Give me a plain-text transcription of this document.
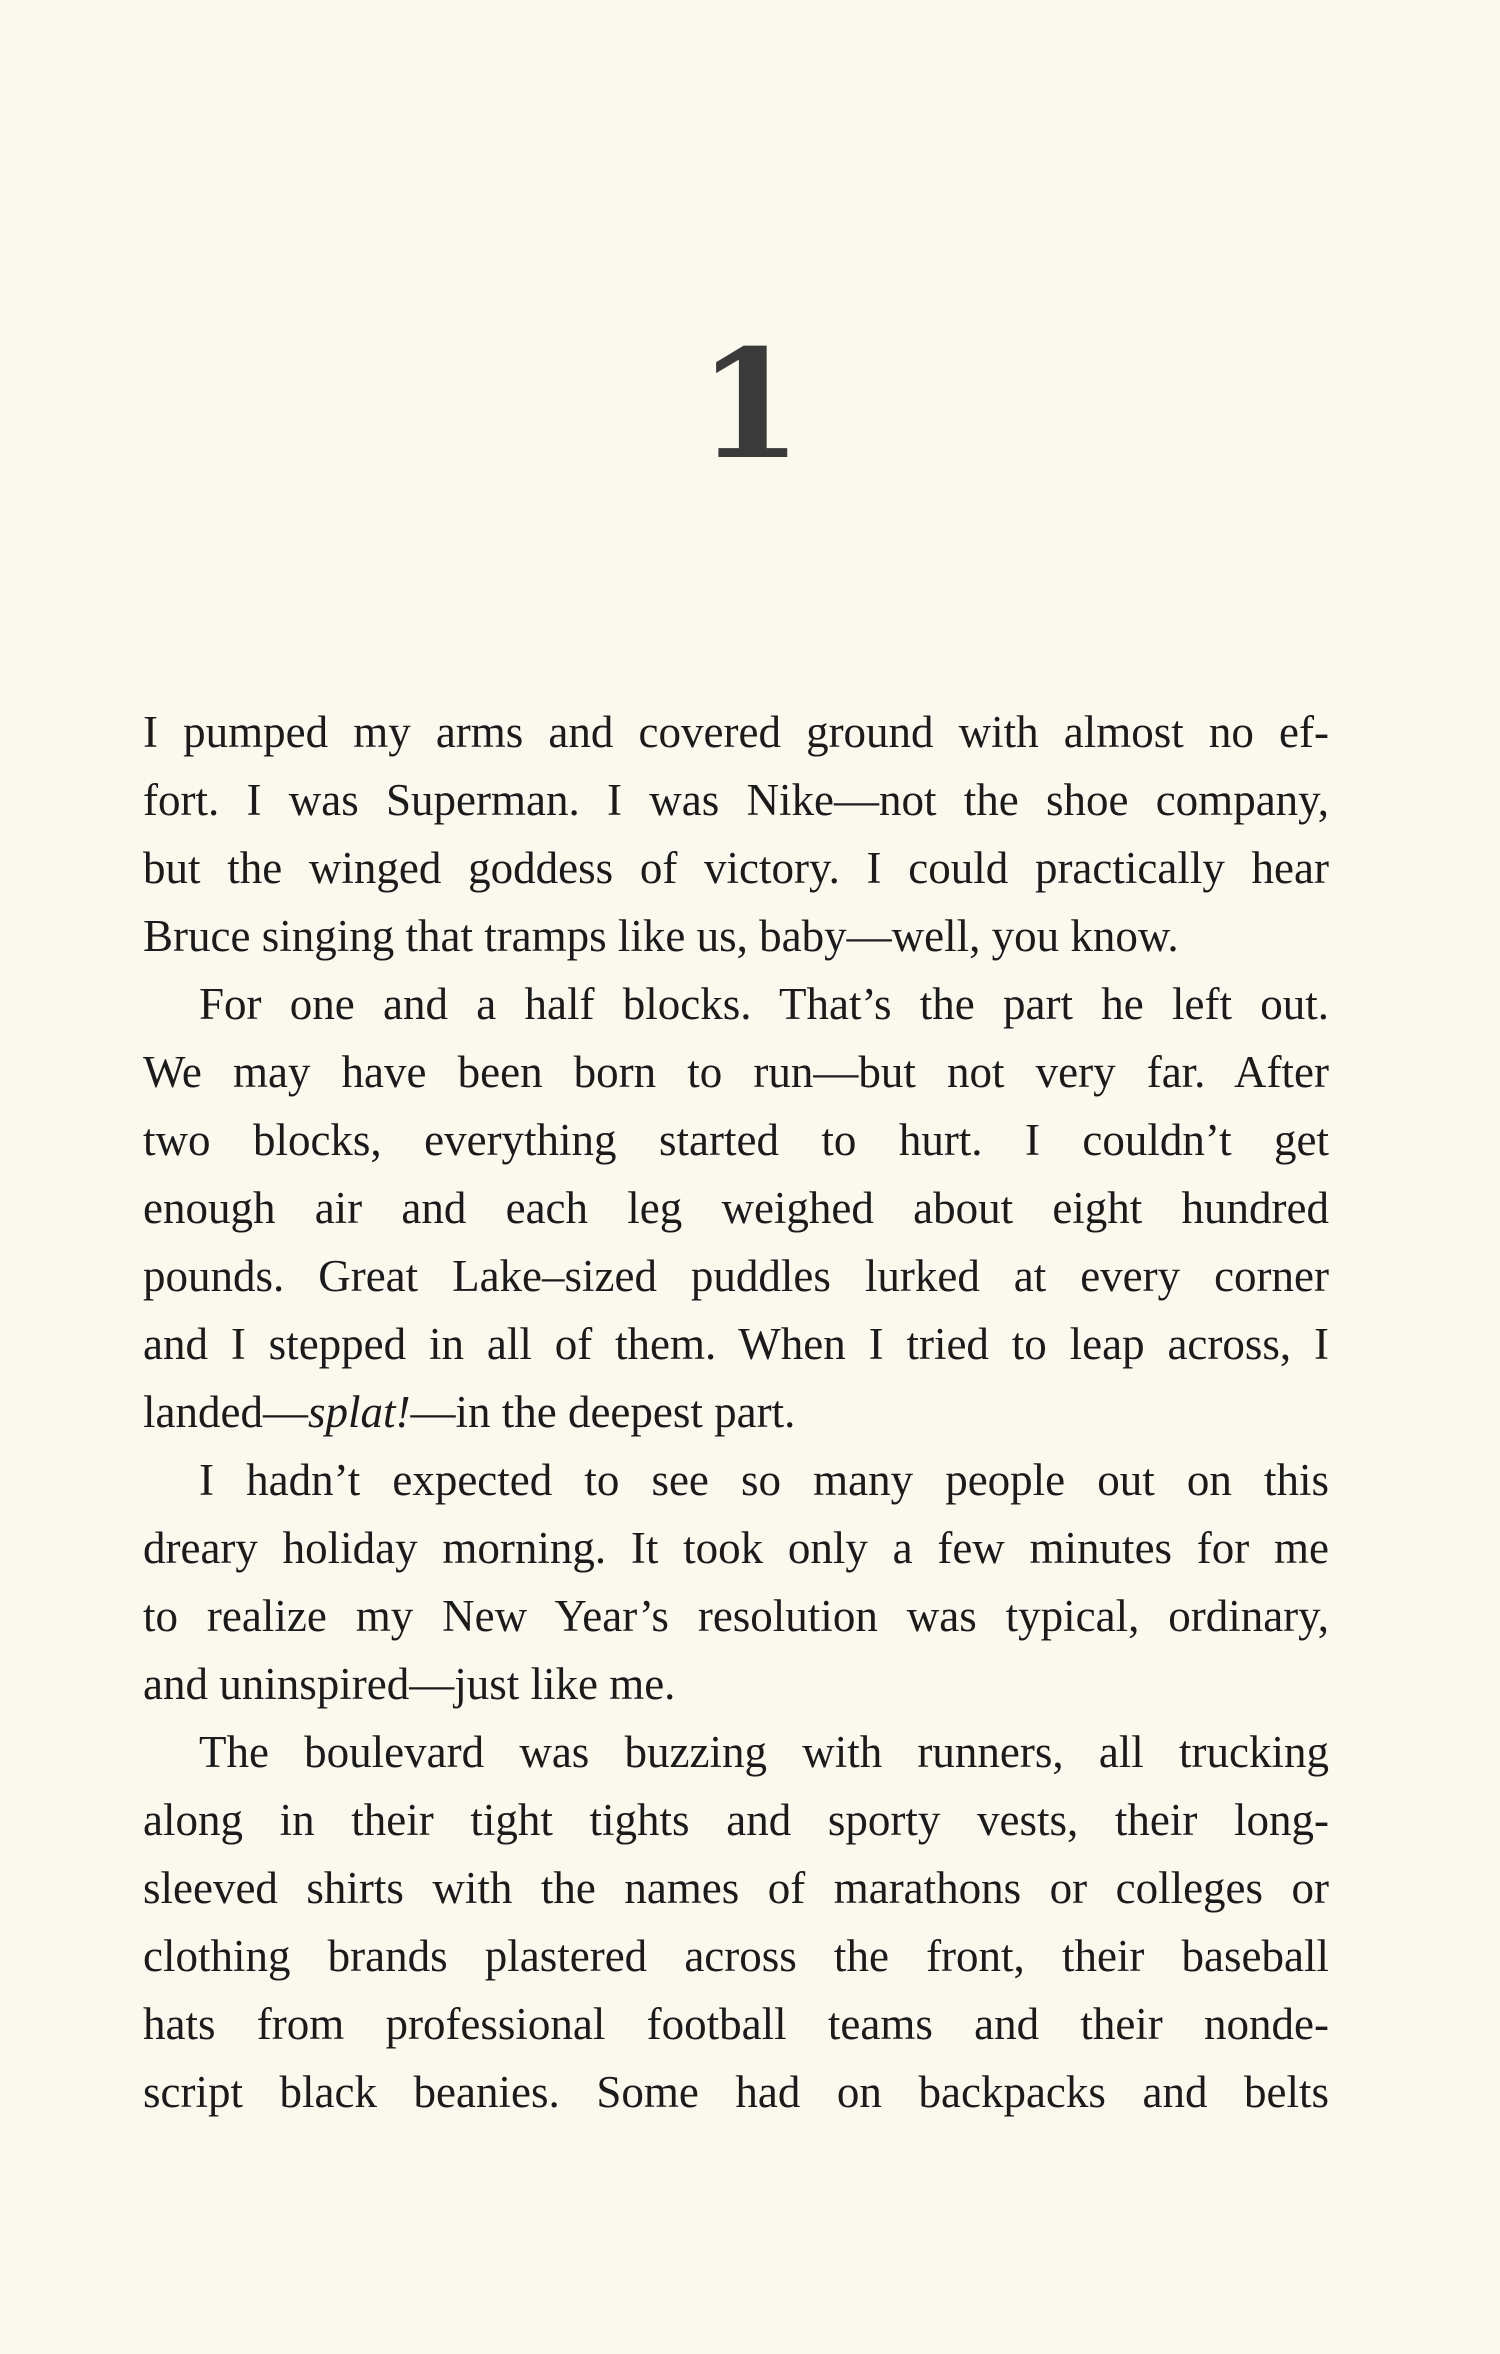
1
I pumped my arms and covered ground with almost no ef-
fort. I was Superman. I was Nike—not the shoe company,
but the winged goddess of victory. I could practically hear
Bruce singing that tramps like us, baby—well, you know.
For one and a half blocks. That’s the part he left out.
We may have been born to run—but not very far. After
two blocks, everything started to hurt. I couldn’t get
enough air and each leg weighed about eight hundred
pounds. Great Lake–sized puddles lurked at every corner
and I stepped in all of them. When I tried to leap across, I
landed—splat!—in the deepest part.
I hadn’t expected to see so many people out on this
dreary holiday morning. It took only a few minutes for me
to realize my New Year’s resolution was typical, ordinary,
and uninspired—just like me.
The boulevard was buzzing with runners, all trucking
along in their tight tights and sporty vests, their long-
sleeved shirts with the names of marathons or colleges or
clothing brands plastered across the front, their baseball
hats from professional football teams and their nonde-
script black beanies. Some had on backpacks and belts
